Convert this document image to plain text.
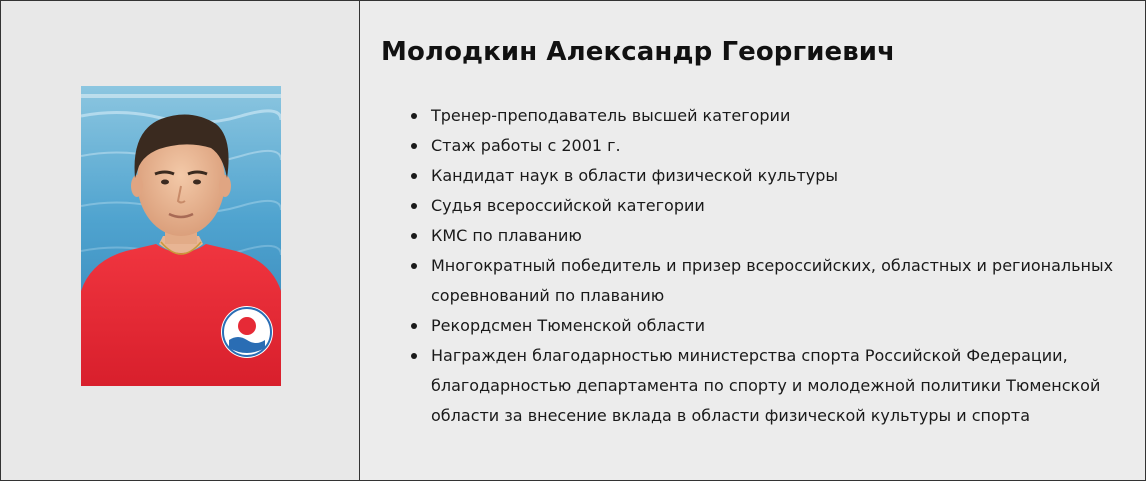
Молодкин Александр Георгиевич
Тренер-преподаватель высшей категории
Стаж работы с 2001 г.
Кандидат наук в области физической культуры
Судья всероссийской категории
КМС по плаванию
Многократный победитель и призер всероссийских, областных и региональных соревнований по плаванию
Рекордсмен Тюменской области
Награжден благодарностью министерства спорта Российской Федерации, благодарностью департамента по спорту и молодежной политики Тюменской области за внесение вклада в области физической культуры и спорта
